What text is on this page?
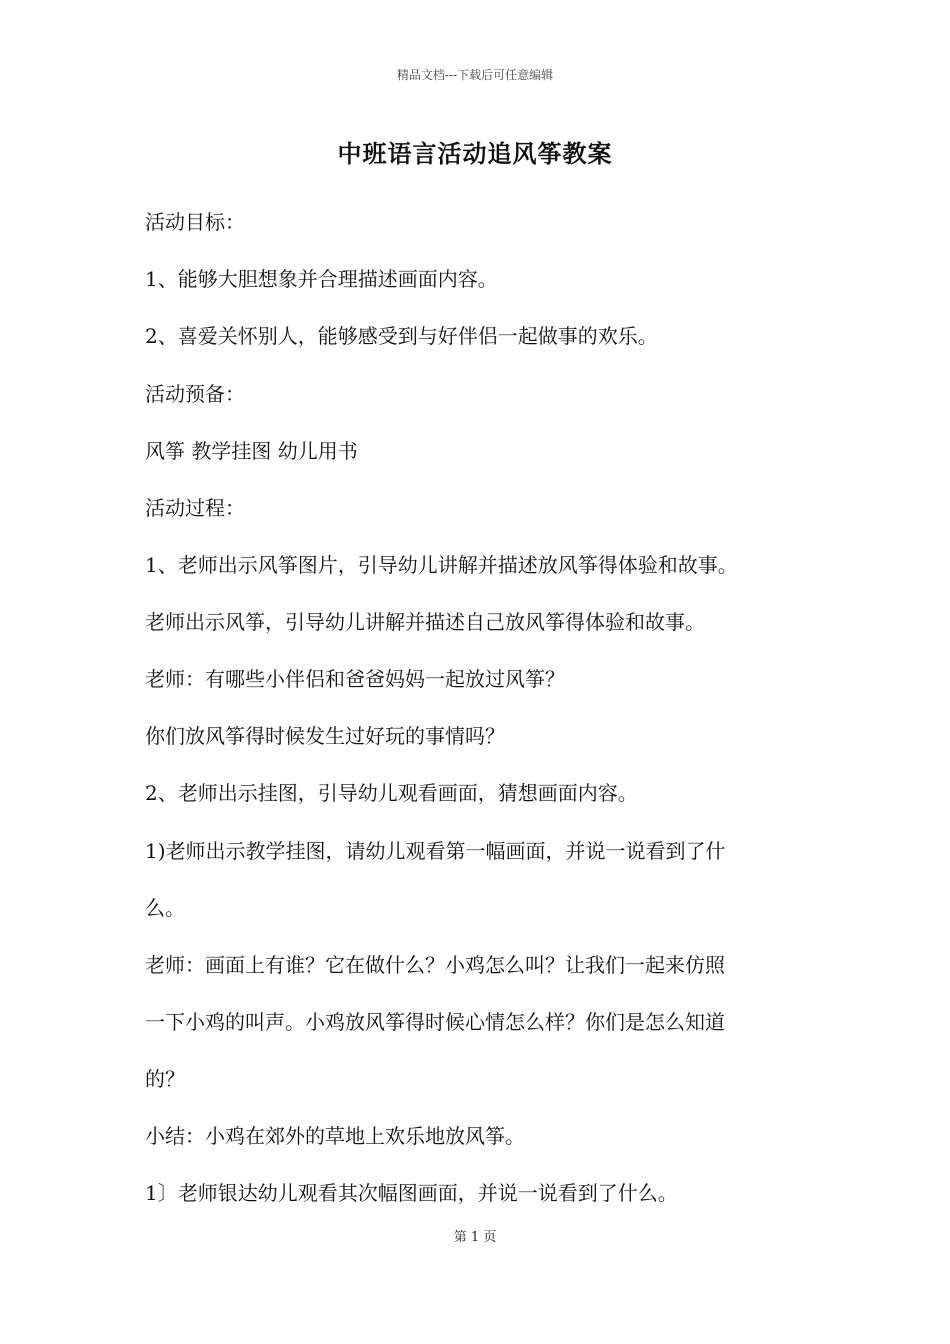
精品文档---下载后可任意编辑
中班语言活动追风筝教案
活动目标：
1、能够大胆想象并合理描述画面内容。
2、喜爱关怀别人，能够感受到与好伴侣一起做事的欢乐。
活动预备：
风筝 教学挂图 幼儿用书
活动过程：
1、老师出示风筝图片，引导幼儿讲解并描述放风筝得体验和故事。
老师出示风筝，引导幼儿讲解并描述自己放风筝得体验和故事。
老师：有哪些小伴侣和爸爸妈妈一起放过风筝？
你们放风筝得时候发生过好玩的事情吗？
2、老师出示挂图，引导幼儿观看画面，猜想画面内容。
1)老师出示教学挂图，请幼儿观看第一幅画面，并说一说看到了什
么。
老师：画面上有谁？它在做什么？小鸡怎么叫？让我们一起来仿照
一下小鸡的叫声。小鸡放风筝得时候心情怎么样？你们是怎么知道
的？
小结：小鸡在郊外的草地上欢乐地放风筝。
1〕老师银达幼儿观看其次幅图画面，并说一说看到了什么。
第 1 页
